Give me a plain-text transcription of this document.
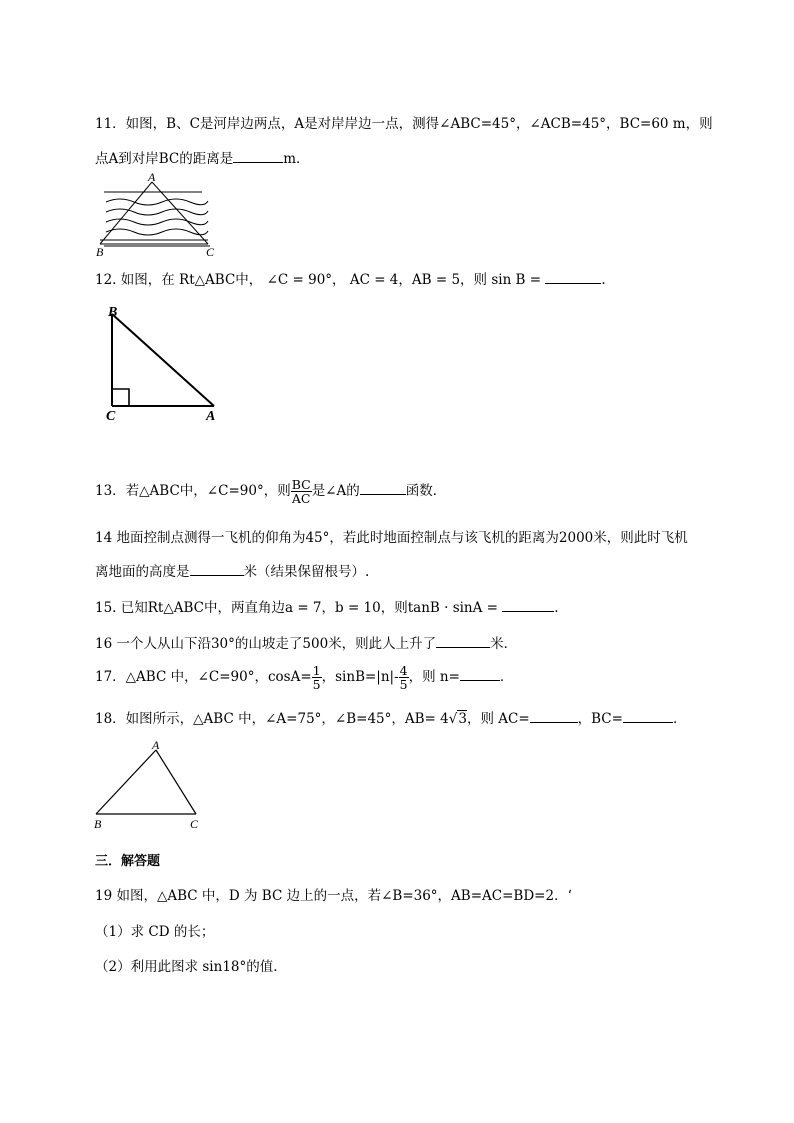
11．如图，B、C是河岸边两点，A是对岸岸边一点，测得∠ABC=45°，∠ACB=45°，BC=60 m，则
点A到对岸BC的距离是	m．
A
B	C
12. 如图，在 Rt△ABC中， ∠C = 90°， AC = 4，AB = 5，则 sin B =	.
B
C	A
13．若△ABC中，∠C=90°，则 $\frac{BC}{AC}$ 是∠A的	函数．
14 地面控制点测得一飞机的仰角为45°，若此时地面控制点与该飞机的距离为2000米，则此时飞机
离地面的高度是	米（结果保留根号）.
15. 已知Rt△ABC中，两直角边a = 7，b = 10，则tanB · sinA =	.
16 一个人从山下沿30°的山坡走了500米，则此人上升了	米．
17．△ABC 中，∠C=90°，$\cos A= \frac{1}{5}$ ，$\sin B=|n|- \frac{4}{5}$ ，则 n=	．
18．如图所示，△ABC 中，∠A=75°，∠B=45°，AB= 4√3，则 AC=	，BC=	．
A
B	C
三．解答题
19 如图，△ABC 中，D 为 BC 边上的一点，若∠B=36°，AB=AC=BD=2．‘
（1）求 CD 的长；
（2）利用此图求 sin18°的值.
